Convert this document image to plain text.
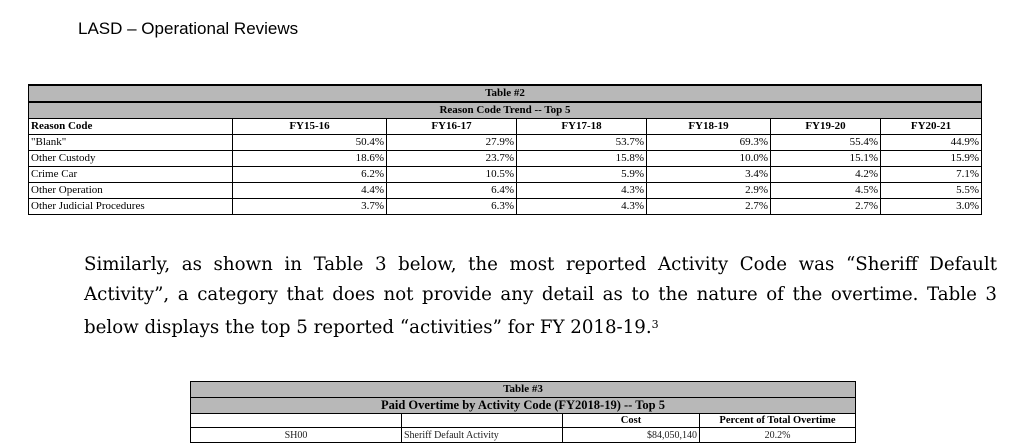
LASD – Operational Reviews
Table #2						
Reason Code Trend -- Top 5						
Reason Code	FY15-16	FY16-17	FY17-18	FY18-19	FY19-20	FY20-21
"Blank"	50.4%	27.9%	53.7%	69.3%	55.4%	44.9%
Other Custody	18.6%	23.7%	15.8%	10.0%	15.1%	15.9%
Crime Car	6.2%	10.5%	5.9%	3.4%	4.2%	7.1%
Other Operation	4.4%	6.4%	4.3%	2.9%	4.5%	5.5%
Other Judicial Procedures	3.7%	6.3%	4.3%	2.7%	2.7%	3.0%
Similarly, as shown in Table 3 below, the most reported Activity Code was “Sheriff Default
Activity”, a category that does not provide any detail as to the nature of the overtime. Table 3
below displays the top 5 reported “activities” for FY 2018-19.$^3$
Table #3			
Paid Overtime by Activity Code (FY2018-19) -- Top 5			
		Cost	Percent of Total Overtime
SH00	Sheriff Default Activity	$84,050,140	20.2%
